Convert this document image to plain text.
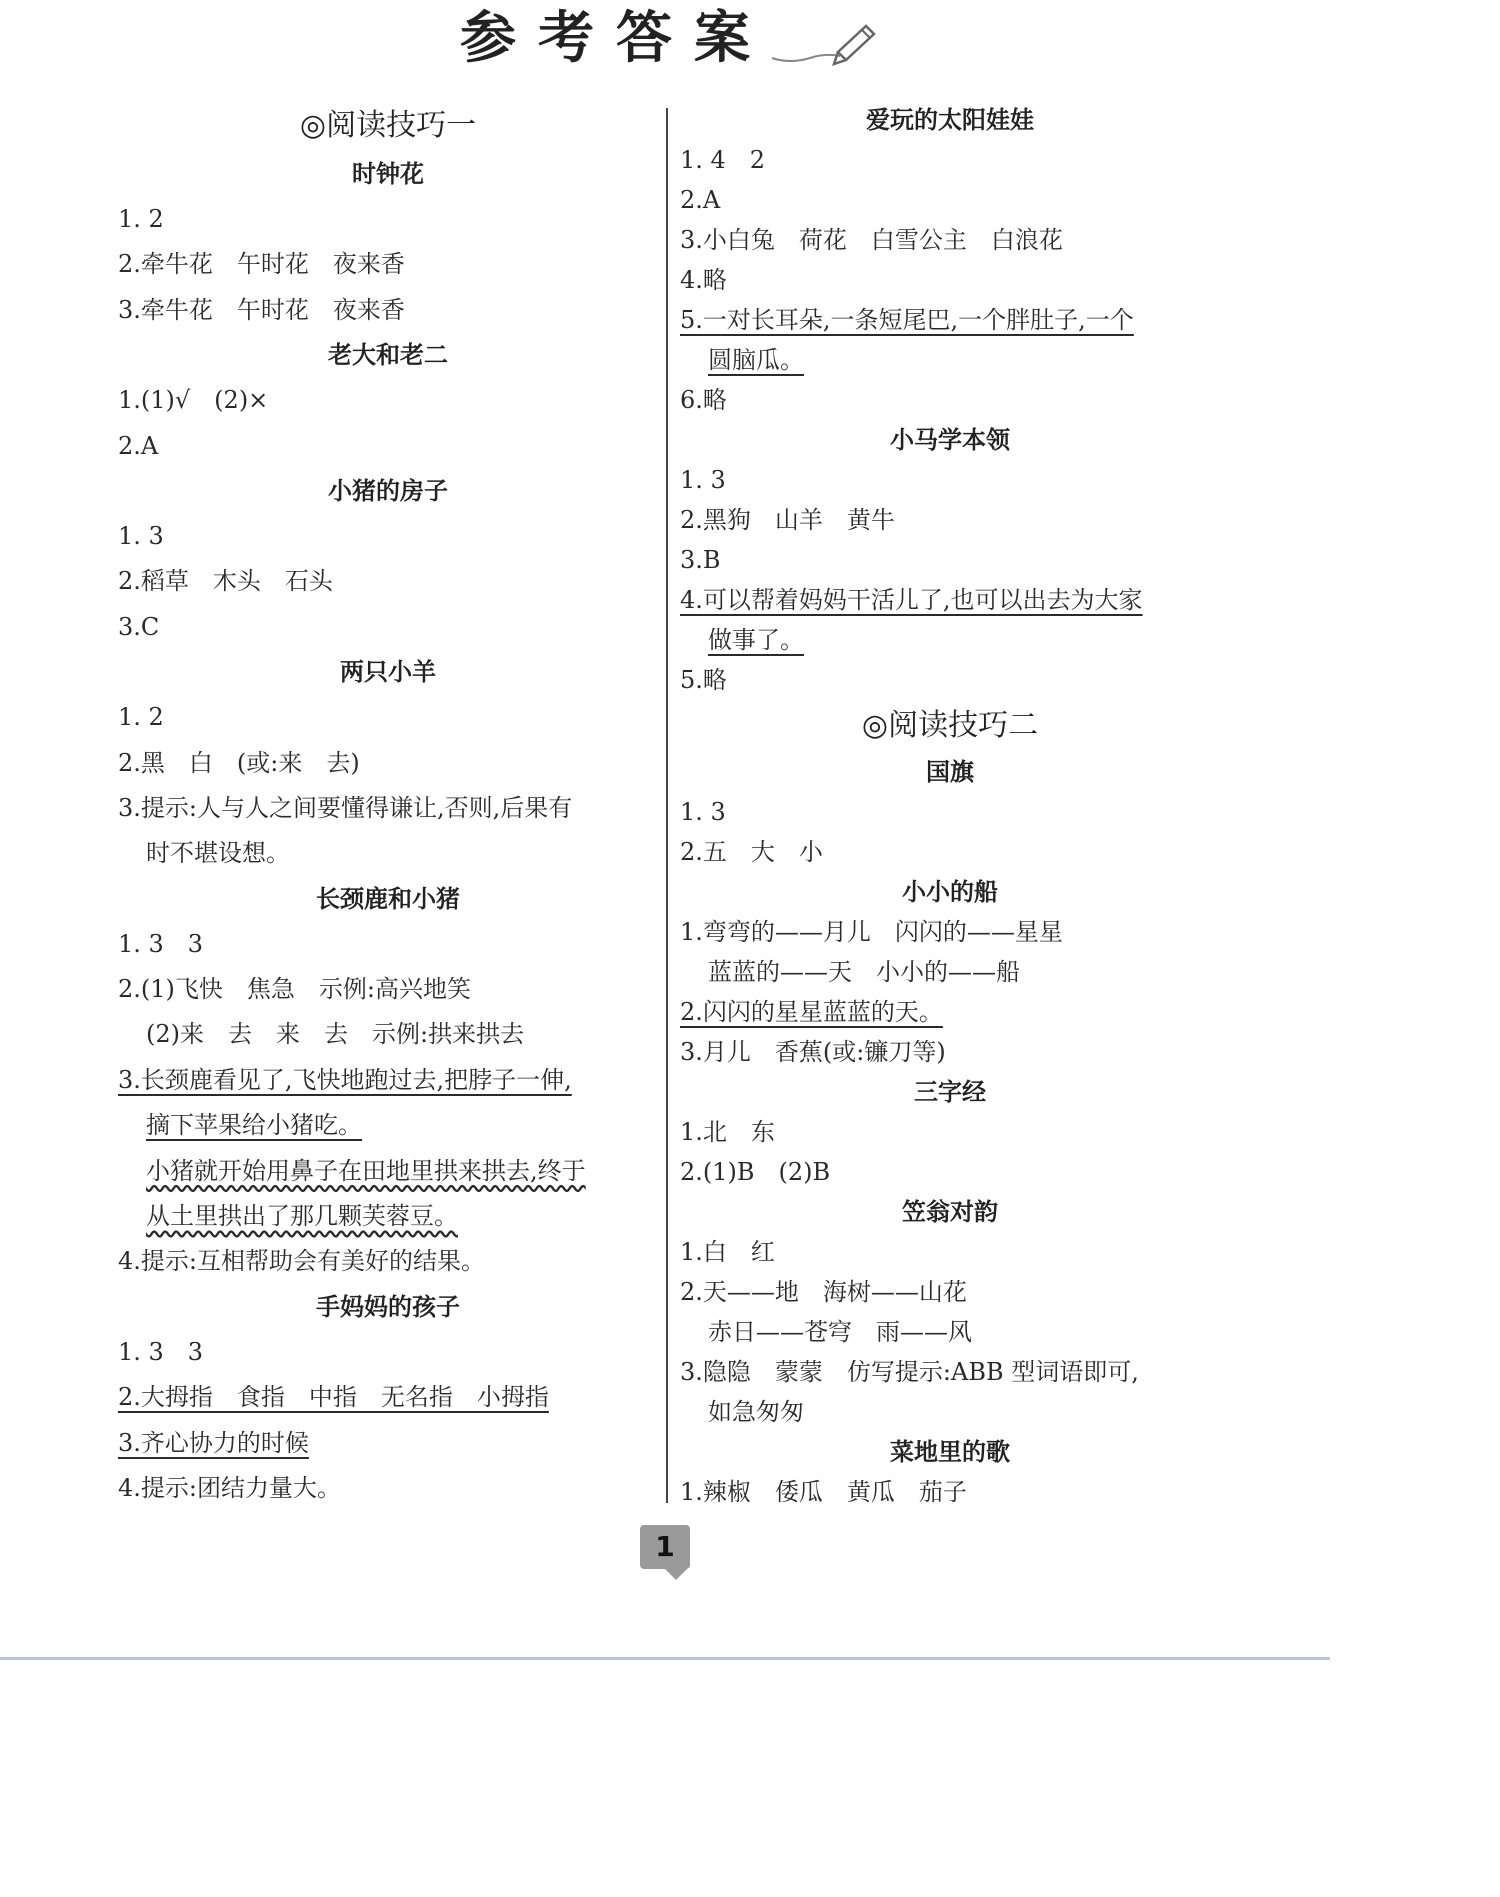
参考答案
◎阅读技巧一
时钟花
1. 2
2.牵牛花　午时花　夜来香
3.牵牛花　午时花　夜来香
老大和老二
1.(1)√　(2)×
2.A
小猪的房子
1. 3
2.稻草　木头　石头
3.C
两只小羊
1. 2
2.黑　白　(或:来　去)
3.提示:人与人之间要懂得谦让,否则,后果有
时不堪设想。
长颈鹿和小猪
1. 3　3
2.(1)飞快　焦急　示例:高兴地笑
(2)来　去　来　去　示例:拱来拱去
3.长颈鹿看见了,飞快地跑过去,把脖子一伸,
摘下苹果给小猪吃。
小猪就开始用鼻子在田地里拱来拱去,终于
从土里拱出了那几颗芙蓉豆。
4.提示:互相帮助会有美好的结果。
手妈妈的孩子
1. 3　3
2.大拇指　食指　中指　无名指　小拇指
3.齐心协力的时候
4.提示:团结力量大。
爱玩的太阳娃娃
1. 4　2
2.A
3.小白兔　荷花　白雪公主　白浪花
4.略
5.一对长耳朵,一条短尾巴,一个胖肚子,一个
圆脑瓜。
6.略
小马学本领
1. 3
2.黑狗　山羊　黄牛
3.B
4.可以帮着妈妈干活儿了,也可以出去为大家
做事了。
5.略
◎阅读技巧二
国旗
1. 3
2.五　大　小
小小的船
1.弯弯的——月儿　闪闪的——星星
蓝蓝的——天　小小的——船
2.闪闪的星星蓝蓝的天。
3.月儿　香蕉(或:镰刀等)
三字经
1.北　东
2.(1)B　(2)B
笠翁对韵
1.白　红
2.天——地　海树——山花
赤日——苍穹　雨——风
3.隐隐　蒙蒙　仿写提示:ABB 型词语即可,
如急匆匆
菜地里的歌
1.辣椒　倭瓜　黄瓜　茄子
1
